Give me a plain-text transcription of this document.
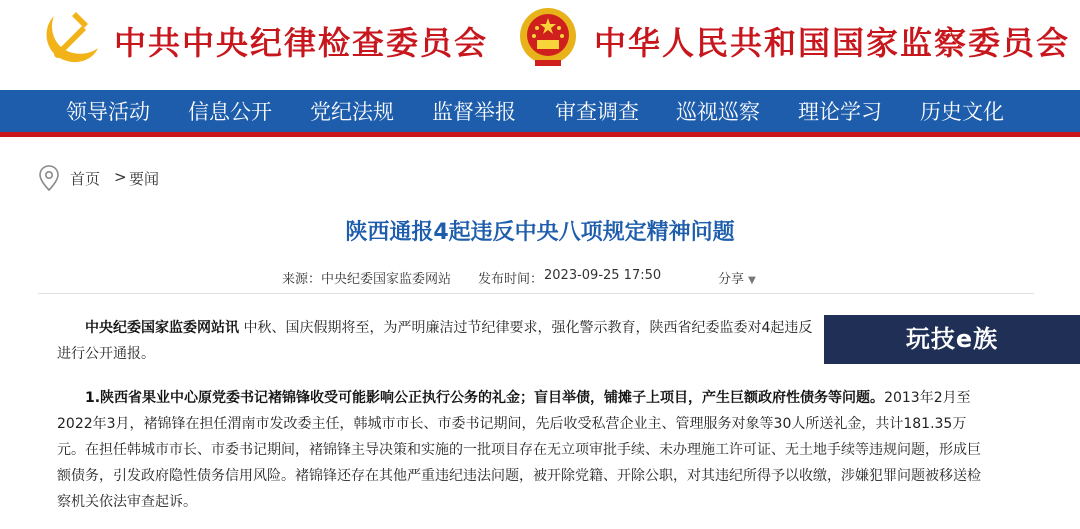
中共中央纪律检查委员会	中华人民共和国国家监察委员会
领导活动 信息公开 党纪法规 监督举报 审查调查 巡视巡察 理论学习 历史文化
首页 > 要闻
陕西通报4起违反中央八项规定精神问题
来源： 中央纪委国家监委网站 发布时间： 2023-09-25 17:50	分享 ▼
中央纪委国家监委网站讯 中秋、国庆假期将至，为严明廉洁过节纪律要求，强化警示教育，陕西省纪委监委对4起违反
进行公开通报。
1.陕西省果业中心原党委书记褚锦锋收受可能影响公正执行公务的礼金；盲目举债，铺摊子上项目，产生巨额政府性债务等问题。2013年2月至
2022年3月，褚锦锋在担任渭南市发改委主任，韩城市市长、市委书记期间，先后收受私营企业主、管理服务对象等30人所送礼金，共计181.35万
元。在担任韩城市市长、市委书记期间，褚锦锋主导决策和实施的一批项目存在无立项审批手续、未办理施工许可证、无土地手续等违规问题，形成巨
额债务，引发政府隐性债务信用风险。褚锦锋还存在其他严重违纪违法问题，被开除党籍、开除公职，对其违纪所得予以收缴，涉嫌犯罪问题被移送检
察机关依法审查起诉。
玩技e族
